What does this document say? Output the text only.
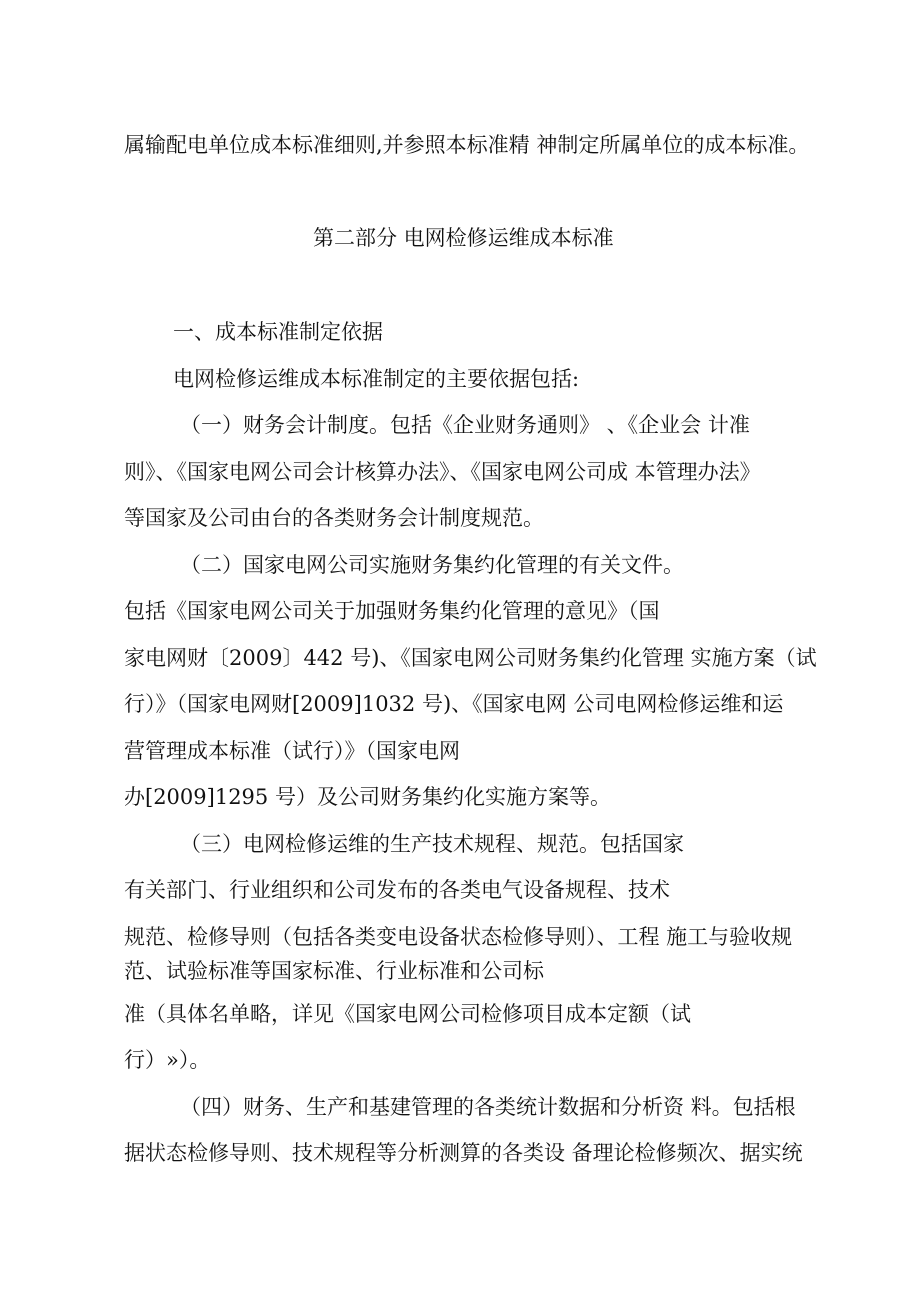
属输配电单位成本标准细则,并参照本标准精 神制定所属单位的成本标准。
第二部分 电网检修运维成本标准
一、成本标准制定依据
电网检修运维成本标准制定的主要依据包括:
（一）财务会计制度。包括《企业财务通则》 、《企业会 计准
则》、《国家电网公司会计核算办法》、《国家电网公司成 本管理办法》
等国家及公司由台的各类财务会计制度规范。
（二）国家电网公司实施财务集约化管理的有关文件。
包括《国家电网公司关于加强财务集约化管理的意见》（国
家电网财〔2009〕442 号)、《国家电网公司财务集约化管理 实施方案（试
行）》（国家电网财[2009]1032 号)、《国家电网 公司电网检修运维和运
营管理成本标准（试行）》（国家电网
办[2009]1295 号）及公司财务集约化实施方案等。
（三）电网检修运维的生产技术规程、规范。包括国家
有关部门、行业组织和公司发布的各类电气设备规程、技术
规范、检修导则（包括各类变电设备状态检修导则）、工程 施工与验收规
范、试验标准等国家标准、行业标准和公司标
准（具体名单略，详见《国家电网公司检修项目成本定额（试
行）»）。
（四）财务、生产和基建管理的各类统计数据和分析资 料。包括根
据状态检修导则、技术规程等分析测算的各类设 备理论检修频次、据实统
